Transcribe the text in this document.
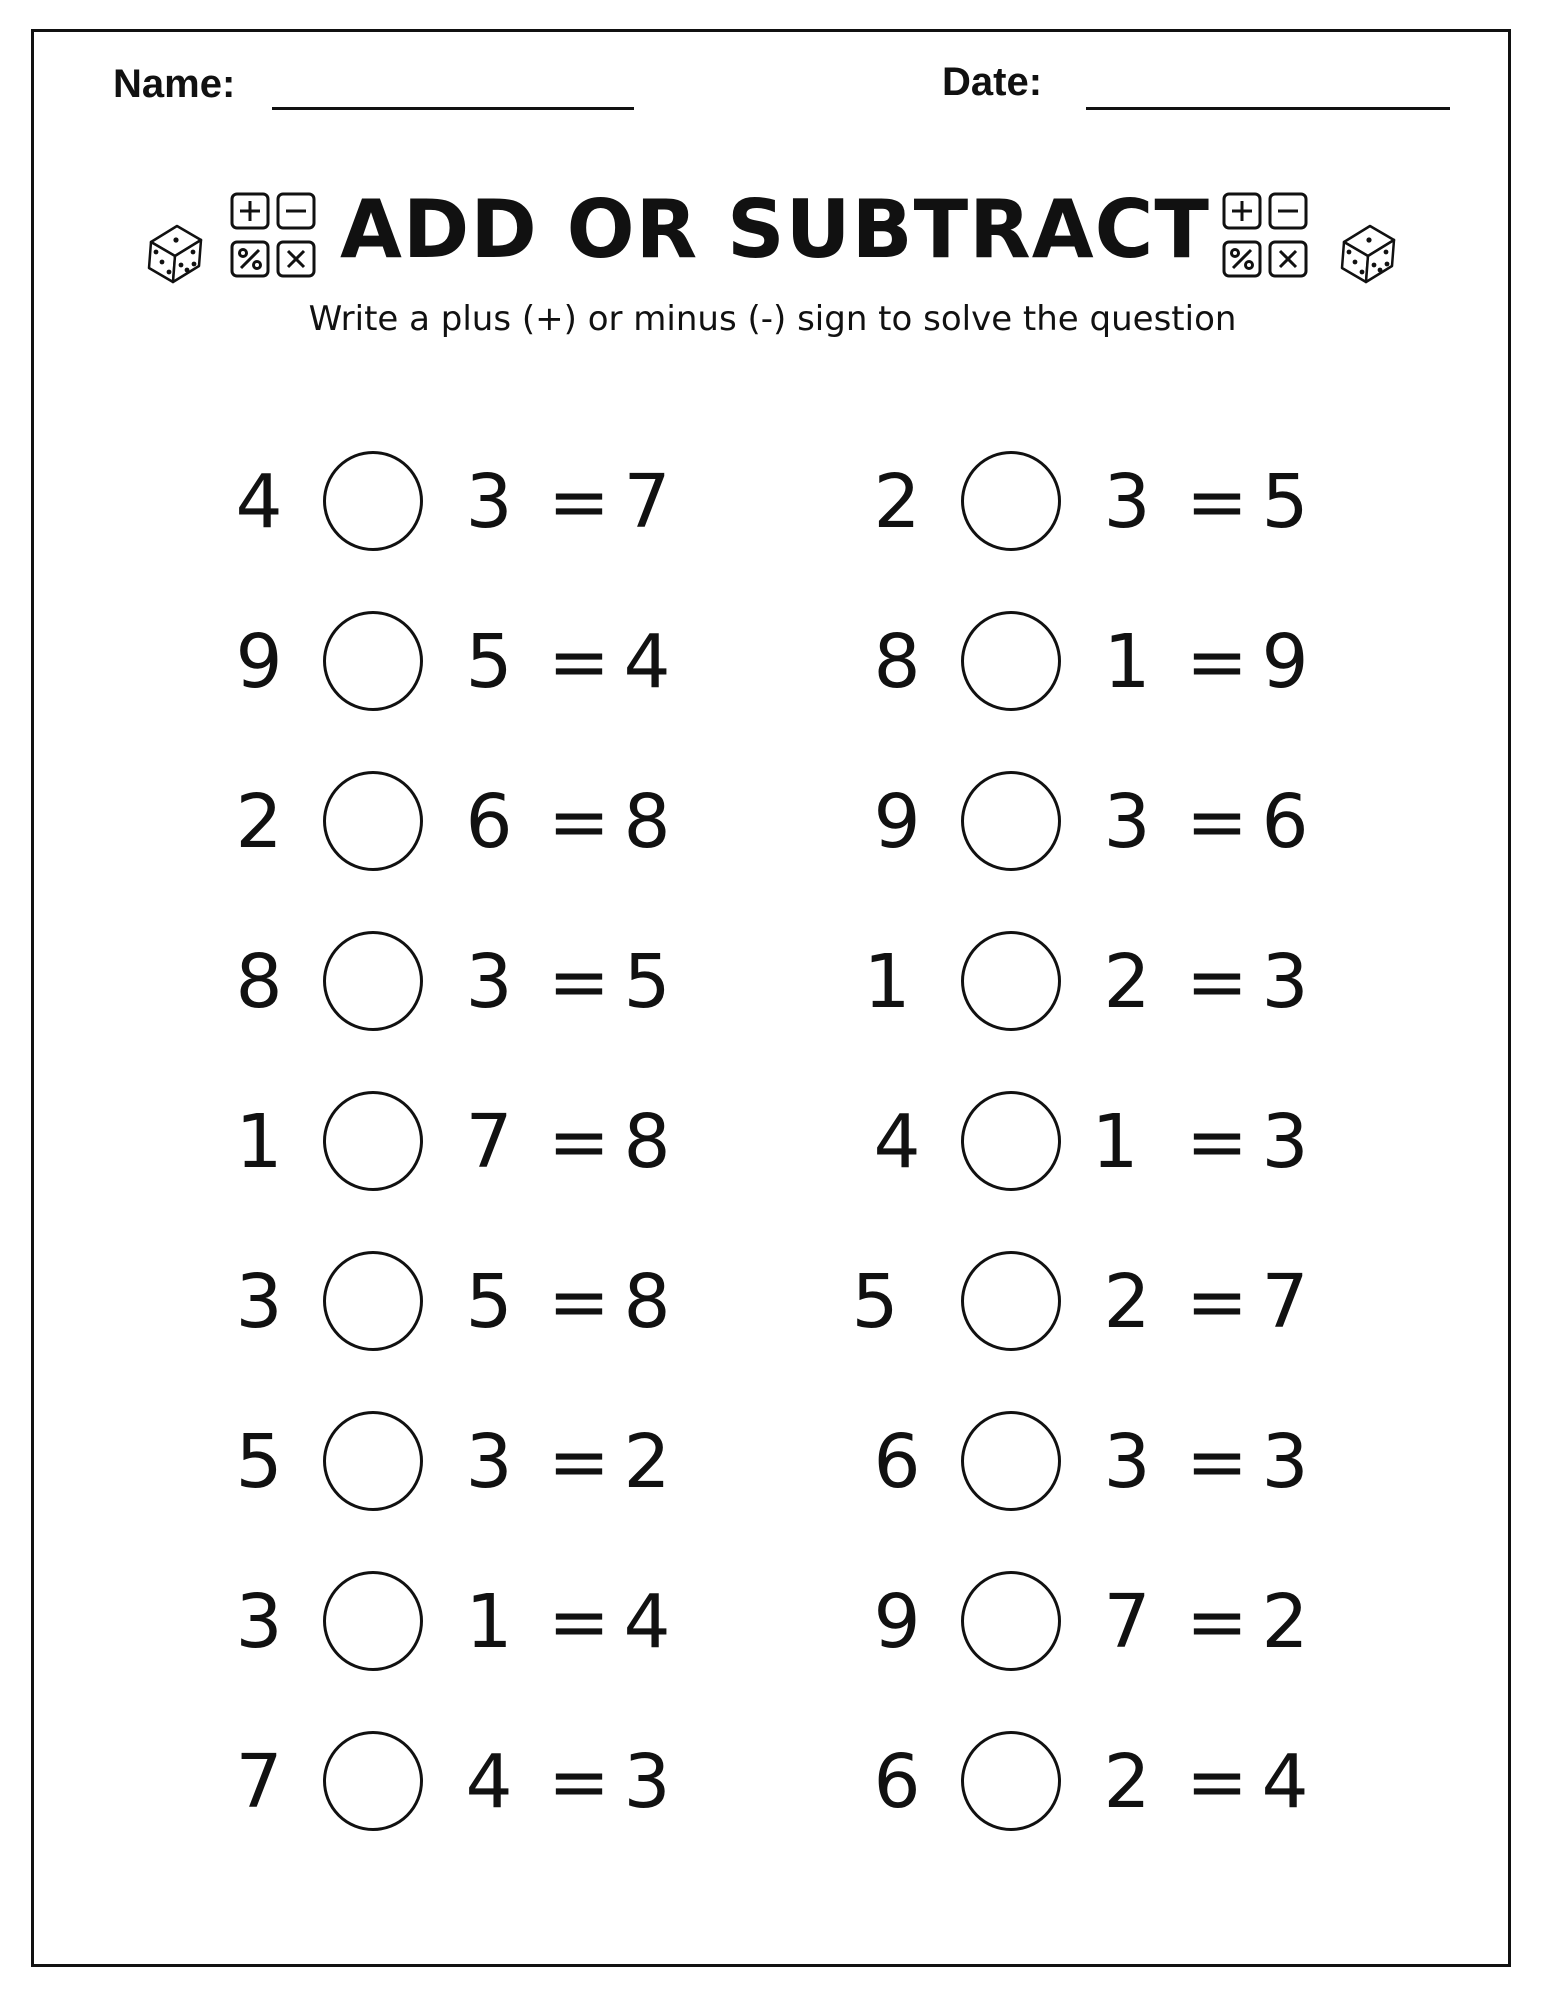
Name:	Date:
ADD OR SUBTRACT
Write a plus (+) or minus (-) sign to solve the question
4 3 = 7
9 5 = 4
2 6 = 8
8 3 = 5
1 7 = 8
3 5 = 8
5 3 = 2
3 1 = 4
7 4 = 3
2 3 = 5
8 1 = 9
9 3 = 6
1	2 = 3
4 1 = 3
5	2 = 7
6 3 = 3
9 7 = 2
6 2 = 4
